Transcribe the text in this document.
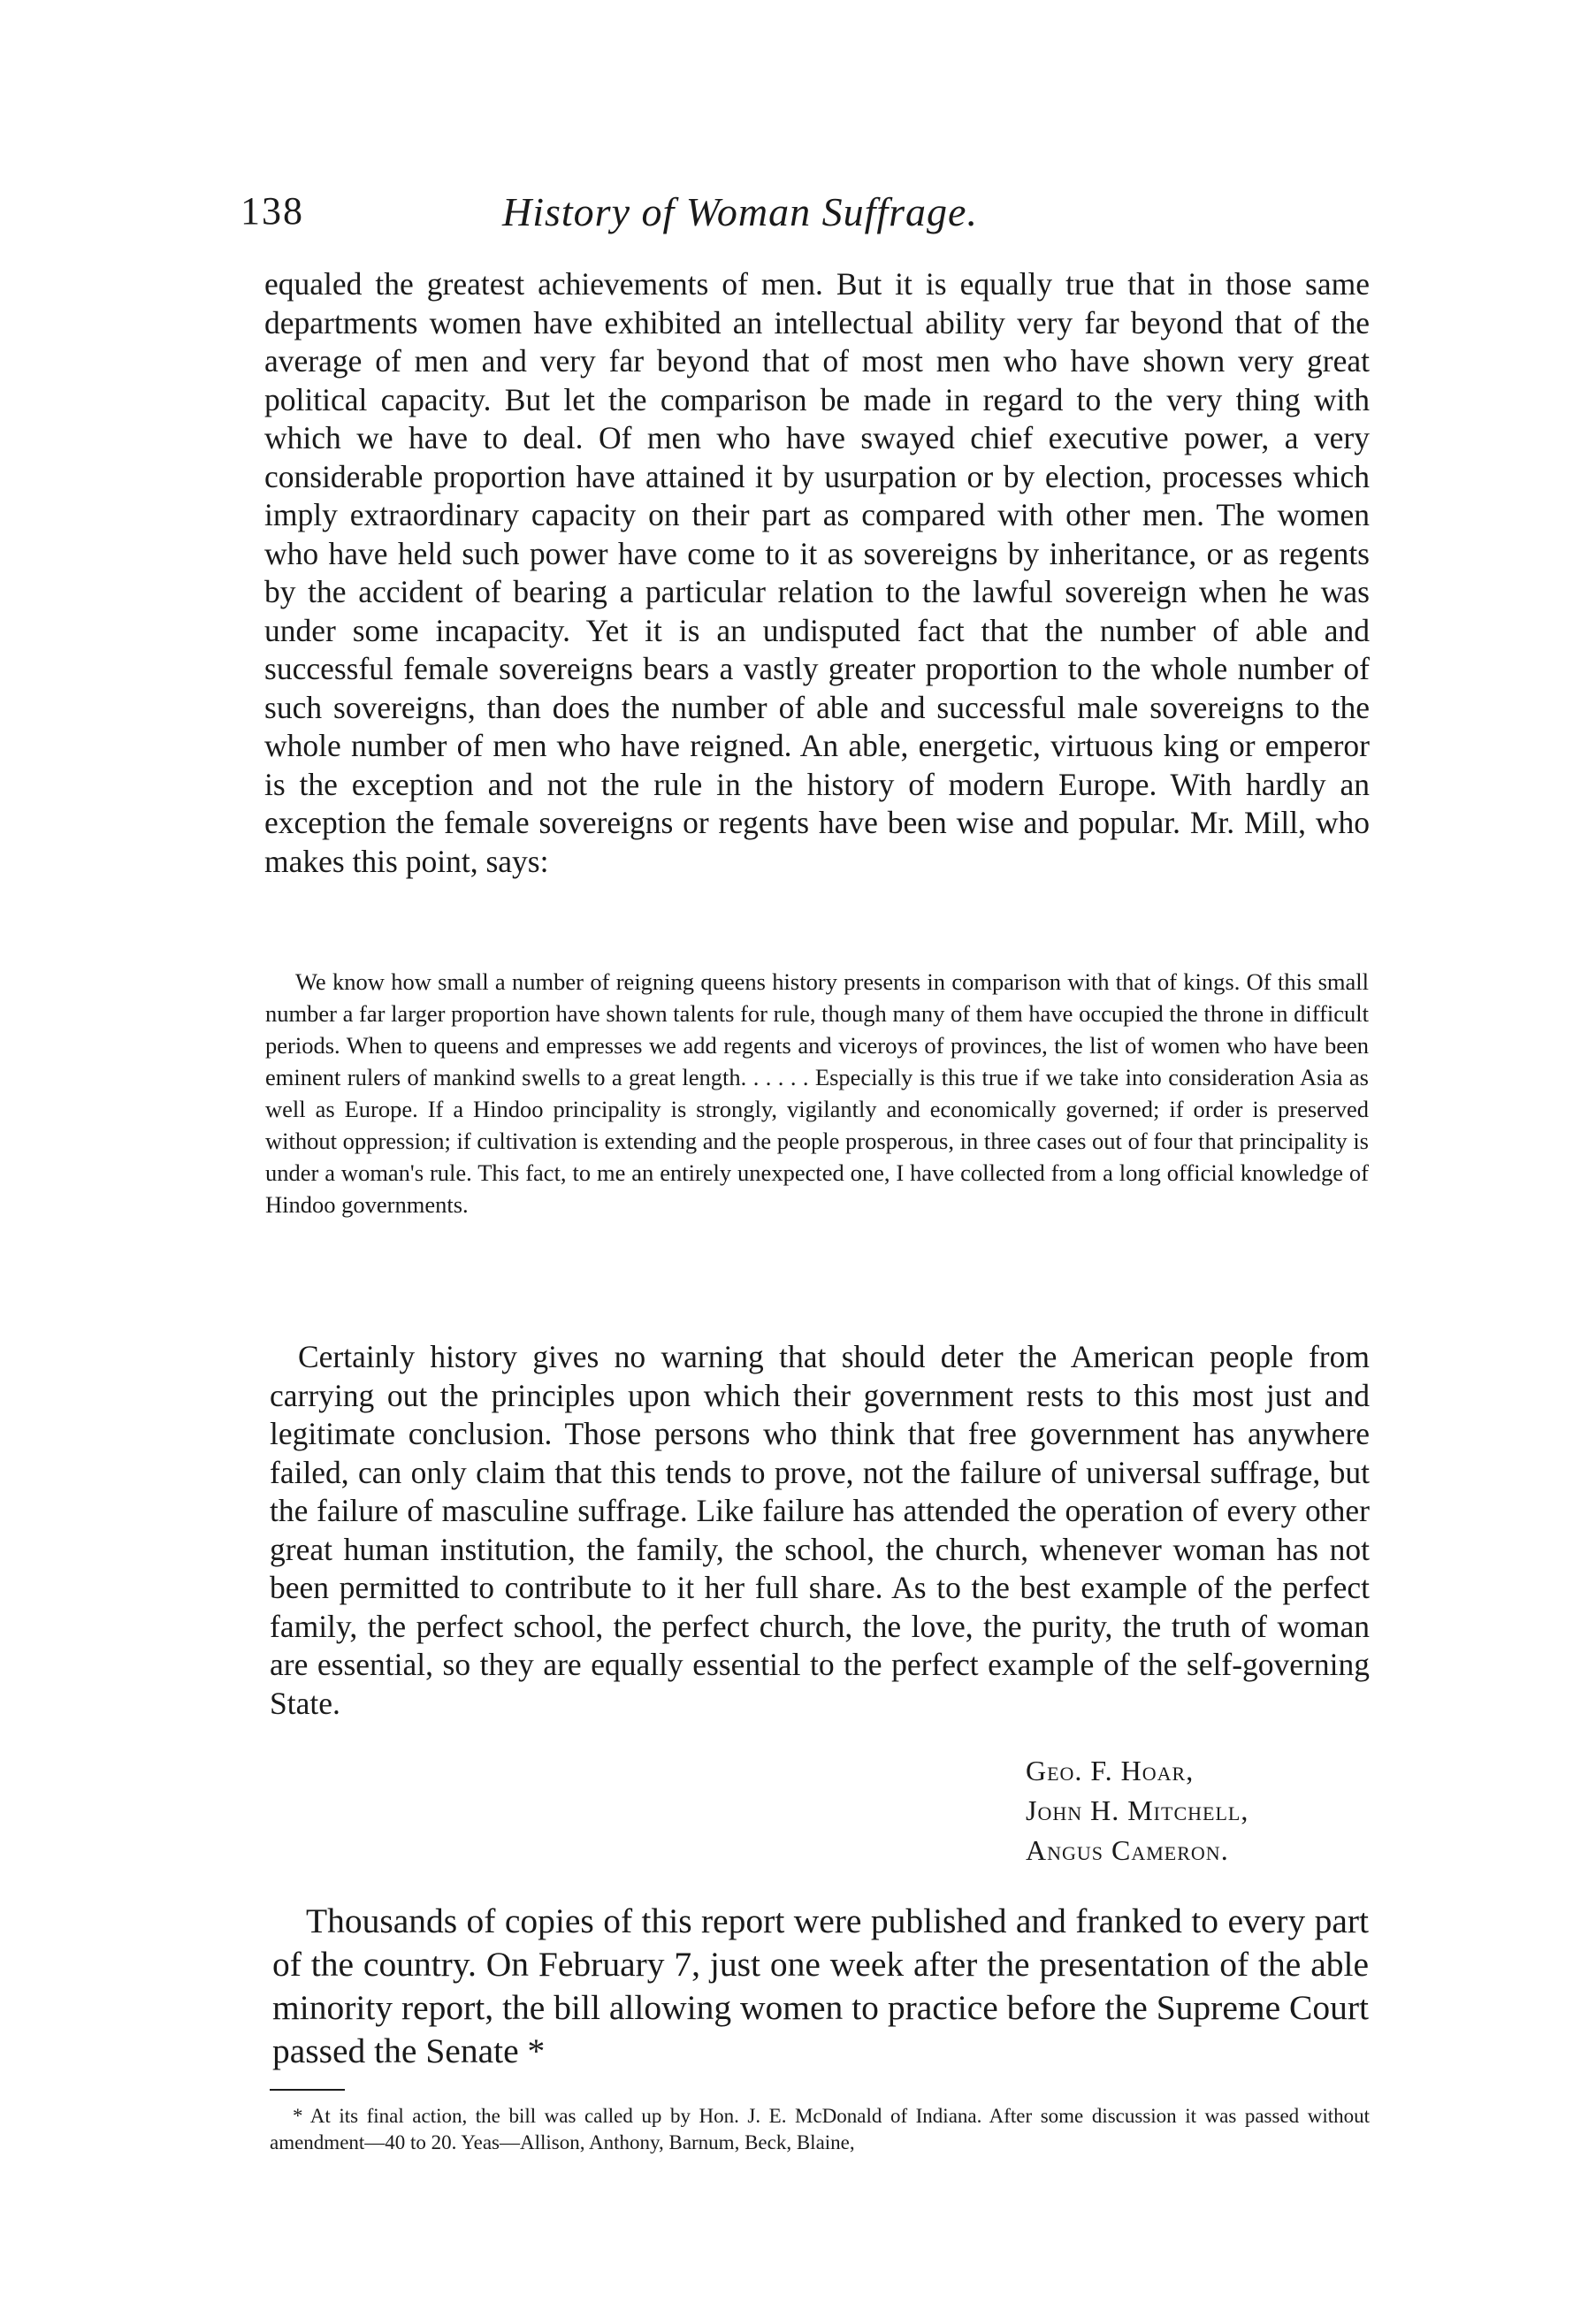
138	History of Woman Suffrage.

equaled the greatest achievements of men. But it is equally true that in those same departments women have exhibited an intellectual ability very far beyond that of the average of men and very far beyond that of most men who have shown very great political capacity. But let the comparison be made in regard to the very thing with which we have to deal. Of men who have swayed chief executive power, a very considerable proportion have attained it by usurpation or by election, processes which imply extraordinary capacity on their part as compared with other men. The women who have held such power have come to it as sovereigns by inheritance, or as regents by the accident of bearing a particular relation to the lawful sovereign when he was under some incapacity. Yet it is an undisputed fact that the number of able and successful female sovereigns bears a vastly greater proportion to the whole number of such sovereigns, than does the number of able and successful male sovereigns to the whole number of men who have reigned. An able, energetic, virtuous king or emperor is the exception and not the rule in the history of modern Europe. With hardly an exception the female sovereigns or regents have been wise and popular. Mr. Mill, who makes this point, says:

We know how small a number of reigning queens history presents in comparison with that of kings. Of this small number a far larger proportion have shown talents for rule, though many of them have occupied the throne in difficult periods. When to queens and empresses we add regents and viceroys of provinces, the list of women who have been eminent rulers of mankind swells to a great length. . . . . . Especially is this true if we take into consideration Asia as well as Europe. If a Hindoo principality is strongly, vigilantly and economically governed; if order is preserved without oppression; if cultivation is extending and the people prosperous, in three cases out of four that principality is under a woman's rule. This fact, to me an entirely unexpected one, I have collected from a long official knowledge of Hindoo governments.

Certainly history gives no warning that should deter the American people from carrying out the principles upon which their government rests to this most just and legitimate conclusion. Those persons who think that free government has anywhere failed, can only claim that this tends to prove, not the failure of universal suffrage, but the failure of masculine suffrage. Like failure has attended the operation of every other great human institution, the family, the school, the church, whenever woman has not been permitted to contribute to it her full share. As to the best example of the perfect family, the perfect school, the perfect church, the love, the purity, the truth of woman are essential, so they are equally essential to the perfect example of the self-governing State.

Geo. F. Hoar,
John H. Mitchell,
Angus Cameron.

Thousands of copies of this report were published and franked to every part of the country. On February 7, just one week after the presentation of the able minority report, the bill allowing women to practice before the Supreme Court passed the Senate *

* At its final action, the bill was called up by Hon. J. E. McDonald of Indiana. After some discussion it was passed without amendment—40 to 20. Yeas—Allison, Anthony, Barnum, Beck, Blaine,
